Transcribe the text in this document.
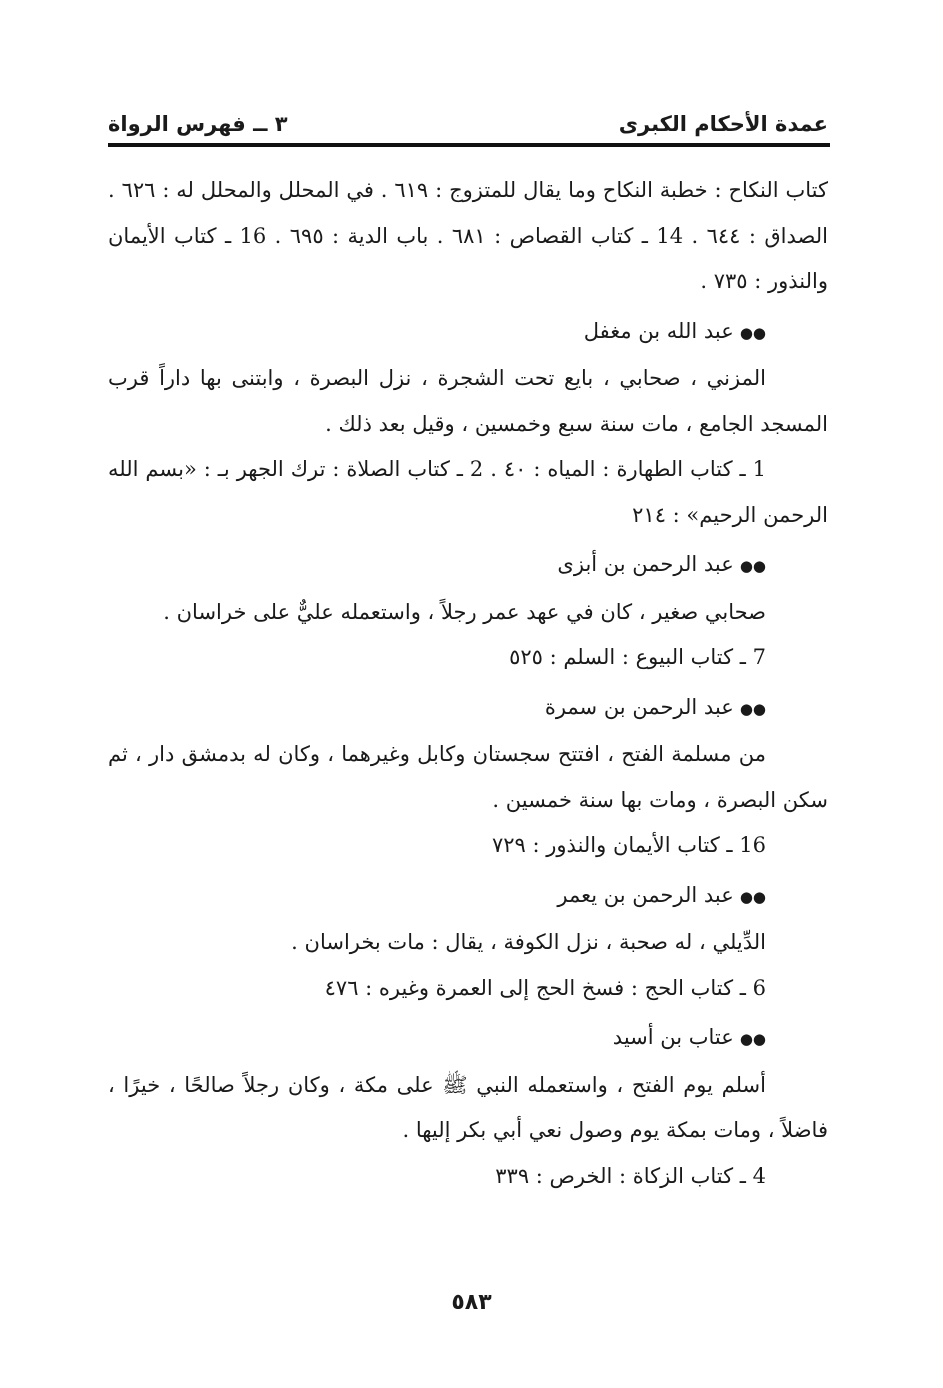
عمدة الأحكام الكبرى
٣ ــ فهرس الرواة

كتاب النكاح : خطبة النكاح وما يقال للمتزوج : ٦١٩ . في المحلل والمحلل له : ٦٢٦ . الصداق : ٦٤٤ . 14 ـ كتاب القصاص : ٦٨١ . باب الدية : ٦٩٥ . 16 ـ كتاب الأيمان والنذور : ٧٣٥ .

●●عبد الله بن مغفل

المزني ، صحابي ، بايع تحت الشجرة ، نزل البصرة ، وابتنى بها داراً قرب المسجد الجامع ، مات سنة سبع وخمسين ، وقيل بعد ذلك .

1 ـ كتاب الطهارة : المياه : ٤٠ . 2 ـ كتاب الصلاة : ترك الجهر بـ : «بسم الله الرحمن الرحيم» : ٢١٤

●●عبد الرحمن بن أبزى

صحابي صغير ، كان في عهد عمر رجلاً ، واستعمله عليٌّ على خراسان .

7 ـ كتاب البيوع : السلم : ٥٢٥

●●عبد الرحمن بن سمرة

من مسلمة الفتح ، افتتح سجستان وكابل وغيرهما ، وكان له بدمشق دار ، ثم سكن البصرة ، ومات بها سنة خمسين .

16 ـ كتاب الأيمان والنذور : ٧٢٩

●●عبد الرحمن بن يعمر

الدِّيلي ، له صحبة ، نزل الكوفة ، يقال : مات بخراسان .

6 ـ كتاب الحج : فسخ الحج إلى العمرة وغيره : ٤٧٦

●●عتاب بن أسيد

أسلم يوم الفتح ، واستعمله النبي ﷺ على مكة ، وكان رجلاً صالحًا ، خيرًا ، فاضلاً ، ومات بمكة يوم وصول نعي أبي بكر إليها .

4 ـ كتاب الزكاة : الخرص : ٣٣٩

٥٨٣
